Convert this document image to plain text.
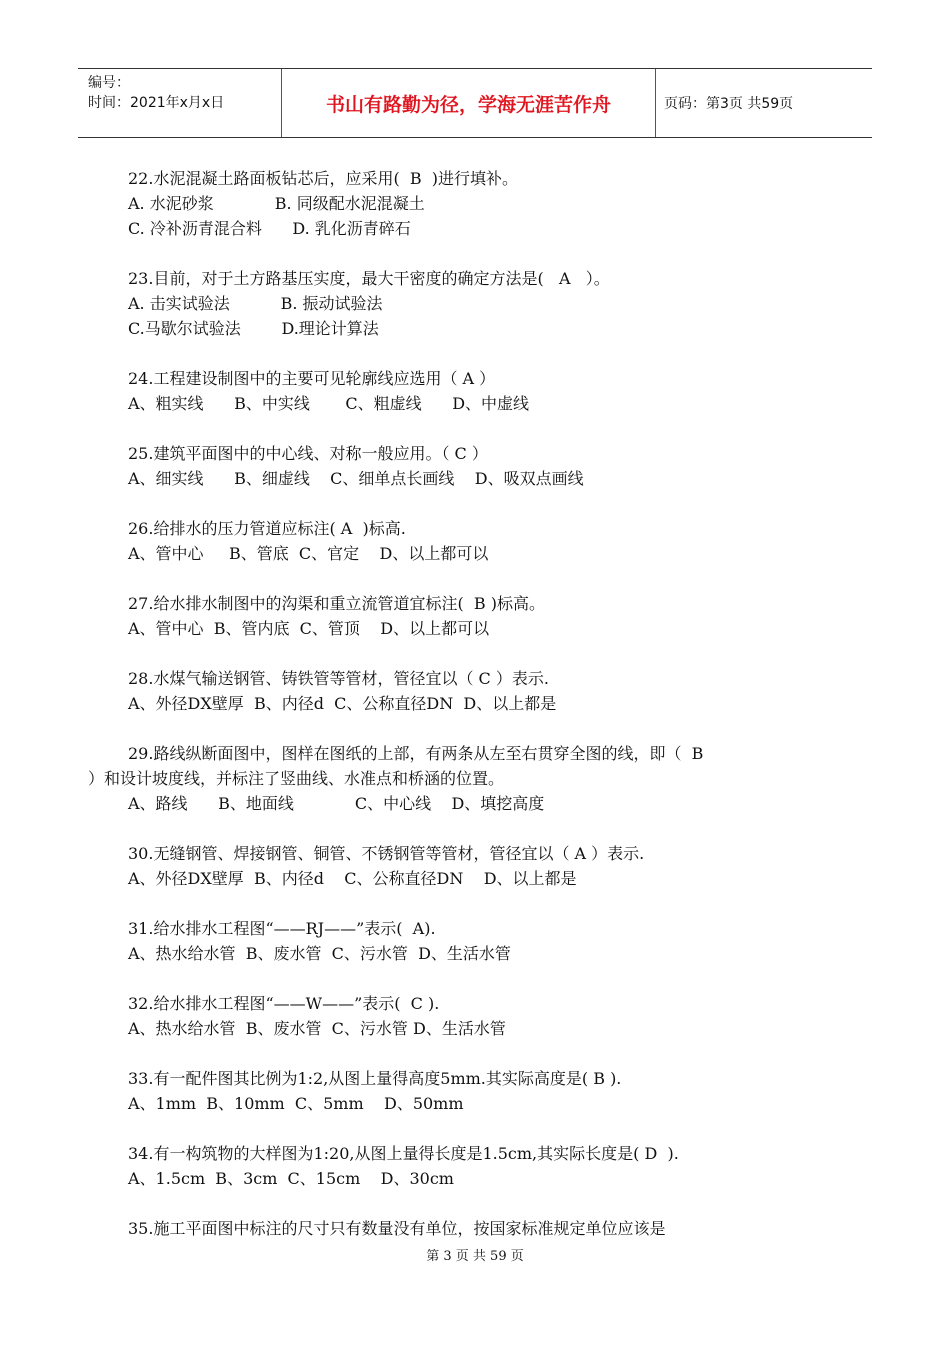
编号：
时间：2021年x月x日	书山有路勤为径，学海无涯苦作舟	页码：第3页 共59页
22.水泥混凝土路面板钻芯后，应采用(  B  )进行填补。
A. 水泥砂浆            B. 同级配水泥混凝土
C. 冷补沥青混合料      D. 乳化沥青碎石
23.目前，对于土方路基压实度，最大干密度的确定方法是(   A   ）。
A. 击实试验法          B. 振动试验法
C.马歇尔试验法        D.理论计算法
24.工程建设制图中的主要可见轮廓线应选用（ A ）
A、粗实线      B、中实线       C、粗虚线      D、中虚线
25.建筑平面图中的中心线、对称一般应用。（ C ）
A、细实线      B、细虚线    C、细单点长画线    D、吸双点画线
26.给排水的压力管道应标注( A  )标高.
A、管中心     B、管底  C、官定    D、以上都可以
27.给水排水制图中的沟渠和重立流管道宜标注(  B )标高。
A、管中心  B、管内底  C、管顶    D、以上都可以
28.水煤气输送钢管、铸铁管等管材，管径宜以（ C ）表示.
A、外径DX壁厚  B、内径d  C、公称直径DN  D、以上都是
29.路线纵断面图中，图样在图纸的上部，有两条从左至右贯穿全图的线，即（  B
）和设计坡度线，并标注了竖曲线、水准点和桥涵的位置。
A、路线      B、地面线            C、中心线    D、填挖高度
30.无缝钢管、焊接钢管、铜管、不锈钢管等管材，管径宜以（ A ）表示.
A、外径DX壁厚  B、内径d    C、公称直径DN    D、以上都是
31.给水排水工程图“——RJ——”表示(  A).
A、热水给水管  B、废水管  C、污水管  D、生活水管
32.给水排水工程图“——W——”表示(  C ).
A、热水给水管  B、废水管  C、污水管 D、生活水管
33.有一配件图其比例为1:2,从图上量得高度5mm.其实际高度是( B ).
A、1mm  B、10mm  C、5mm    D、50mm
34.有一构筑物的大样图为1:20,从图上量得长度是1.5cm,其实际长度是( D  ).
A、1.5cm  B、3cm  C、15cm    D、30cm
35.施工平面图中标注的尺寸只有数量没有单位，按国家标准规定单位应该是
第 3 页 共 59 页
